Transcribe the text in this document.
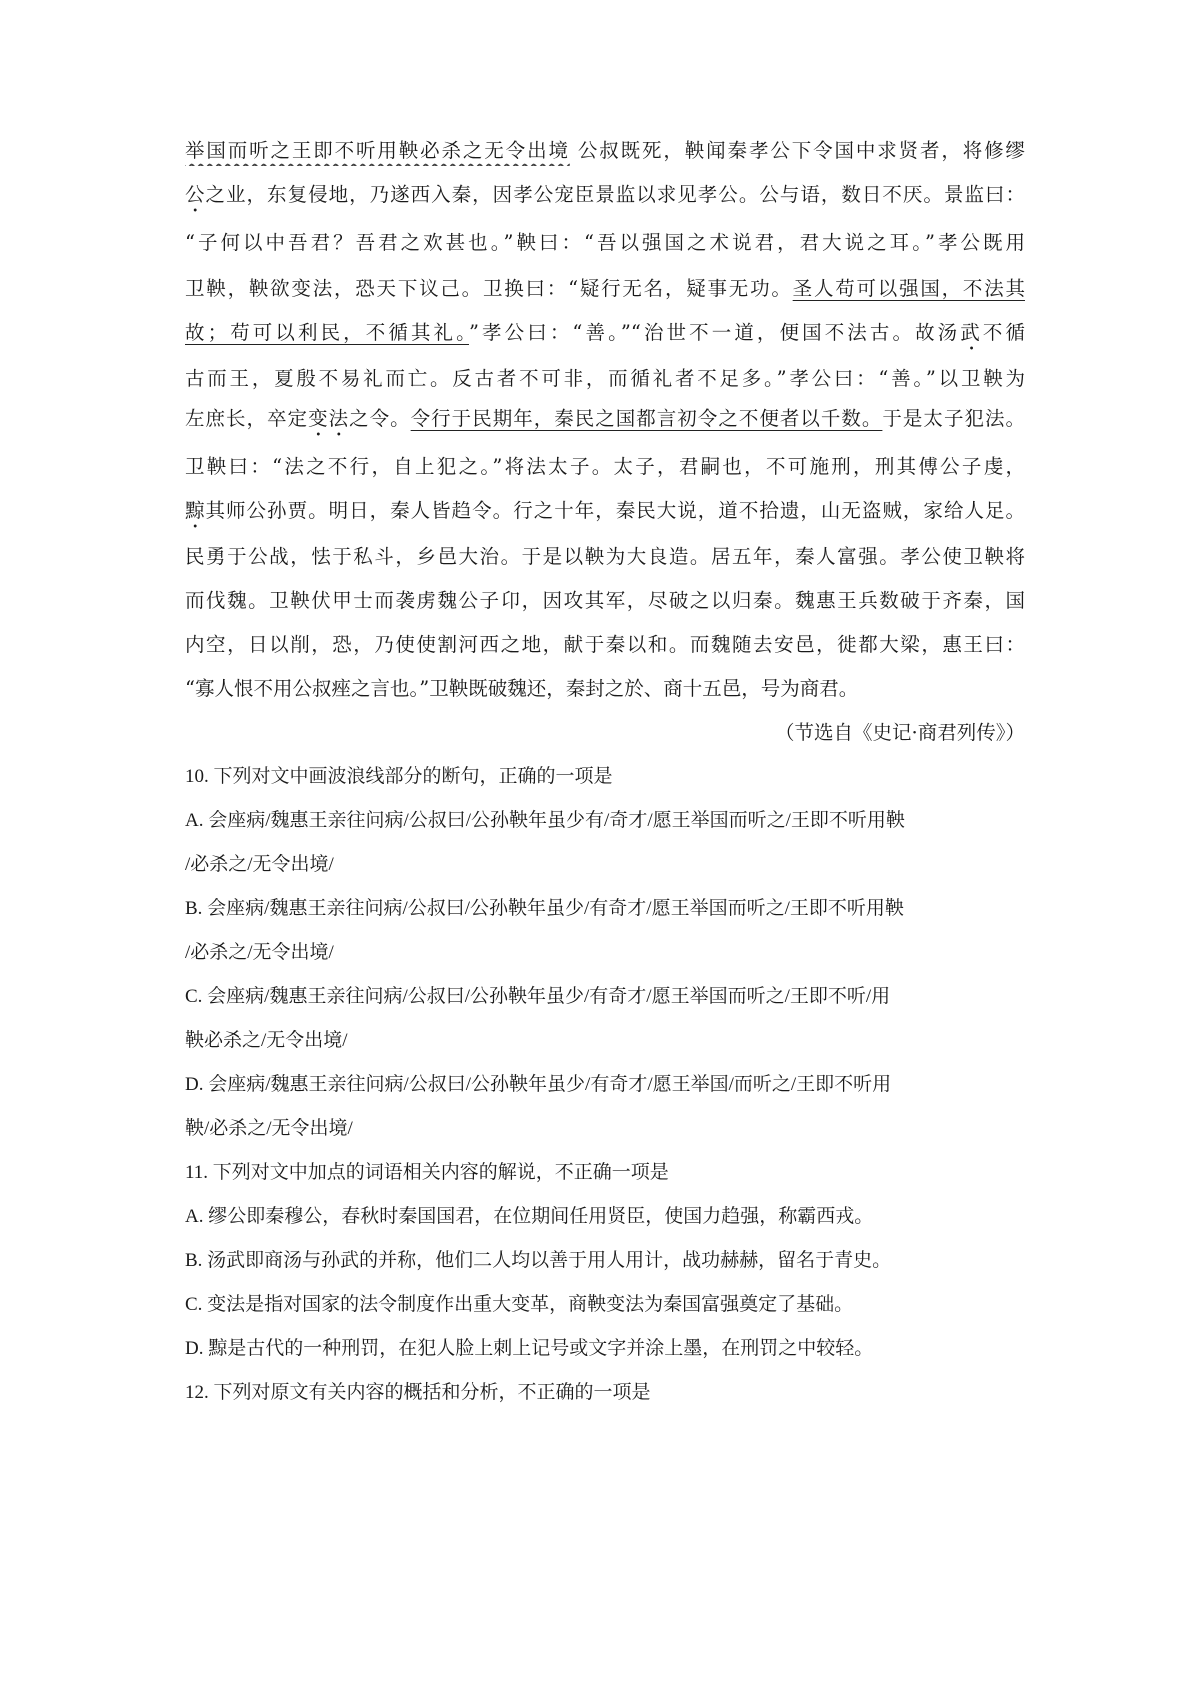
举国而听之王即不听用鞅必杀之无令出境 公叔既死，鞅闻秦孝公下令国中求贤者，将修缪
公之业，东复侵地，乃遂西入秦，因孝公宠臣景监以求见孝公。公与语，数日不厌。景监曰：
“子何以中吾君？吾君之欢甚也。”鞅曰：“吾以强国之术说君，君大说之耳。”孝公既用
卫鞅，鞅欲变法，恐天下议己。卫换曰：“疑行无名，疑事无功。圣人苟可以强国，不法其
故；苟可以利民，不循其礼。”孝公曰：“善。”“治世不一道，便国不法古。故汤武不循
古而王，夏殷不易礼而亡。反古者不可非，而循礼者不足多。”孝公曰：“善。”以卫鞅为
左庶长，卒定变法之令。令行于民期年，秦民之国都言初令之不便者以千数。于是太子犯法。
卫鞅曰：“法之不行，自上犯之。”将法太子。太子，君嗣也，不可施刑，刑其傅公子虔，
黥其师公孙贾。明日，秦人皆趋令。行之十年，秦民大说，道不拾遗，山无盗贼，家给人足。
民勇于公战，怯于私斗，乡邑大治。于是以鞅为大良造。居五年，秦人富强。孝公使卫鞅将
而伐魏。卫鞅伏甲士而袭虏魏公子卬，因攻其军，尽破之以归秦。魏惠王兵数破于齐秦，国
内空，日以削，恐，乃使使割河西之地，献于秦以和。而魏随去安邑，徙都大梁，惠王曰：
“寡人恨不用公叔痤之言也。”卫鞅既破魏还，秦封之於、商十五邑，号为商君。
（节选自《史记·商君列传》）
10. 下列对文中画波浪线部分的断句，正确的一项是
A. 会座病/魏惠王亲往问病/公叔曰/公孙鞅年虽少有/奇才/愿王举国而听之/王即不听用鞅
/必杀之/无令出境/
B. 会座病/魏惠王亲往问病/公叔曰/公孙鞅年虽少/有奇才/愿王举国而听之/王即不听用鞅
/必杀之/无令出境/
C. 会座病/魏惠王亲往问病/公叔曰/公孙鞅年虽少/有奇才/愿王举国而听之/王即不听/用
鞅必杀之/无令出境/
D. 会座病/魏惠王亲往问病/公叔曰/公孙鞅年虽少/有奇才/愿王举国/而听之/王即不听用
鞅/必杀之/无令出境/
11. 下列对文中加点的词语相关内容的解说，不正确一项是
A. 缪公即秦穆公，春秋时秦国国君，在位期间任用贤臣，使国力趋强，称霸西戎。
B. 汤武即商汤与孙武的并称，他们二人均以善于用人用计，战功赫赫，留名于青史。
C. 变法是指对国家的法令制度作出重大变革，商鞅变法为秦国富强奠定了基础。
D. 黥是古代的一种刑罚，在犯人脸上刺上记号或文字并涂上墨，在刑罚之中较轻。
12. 下列对原文有关内容的概括和分析，不正确的一项是
